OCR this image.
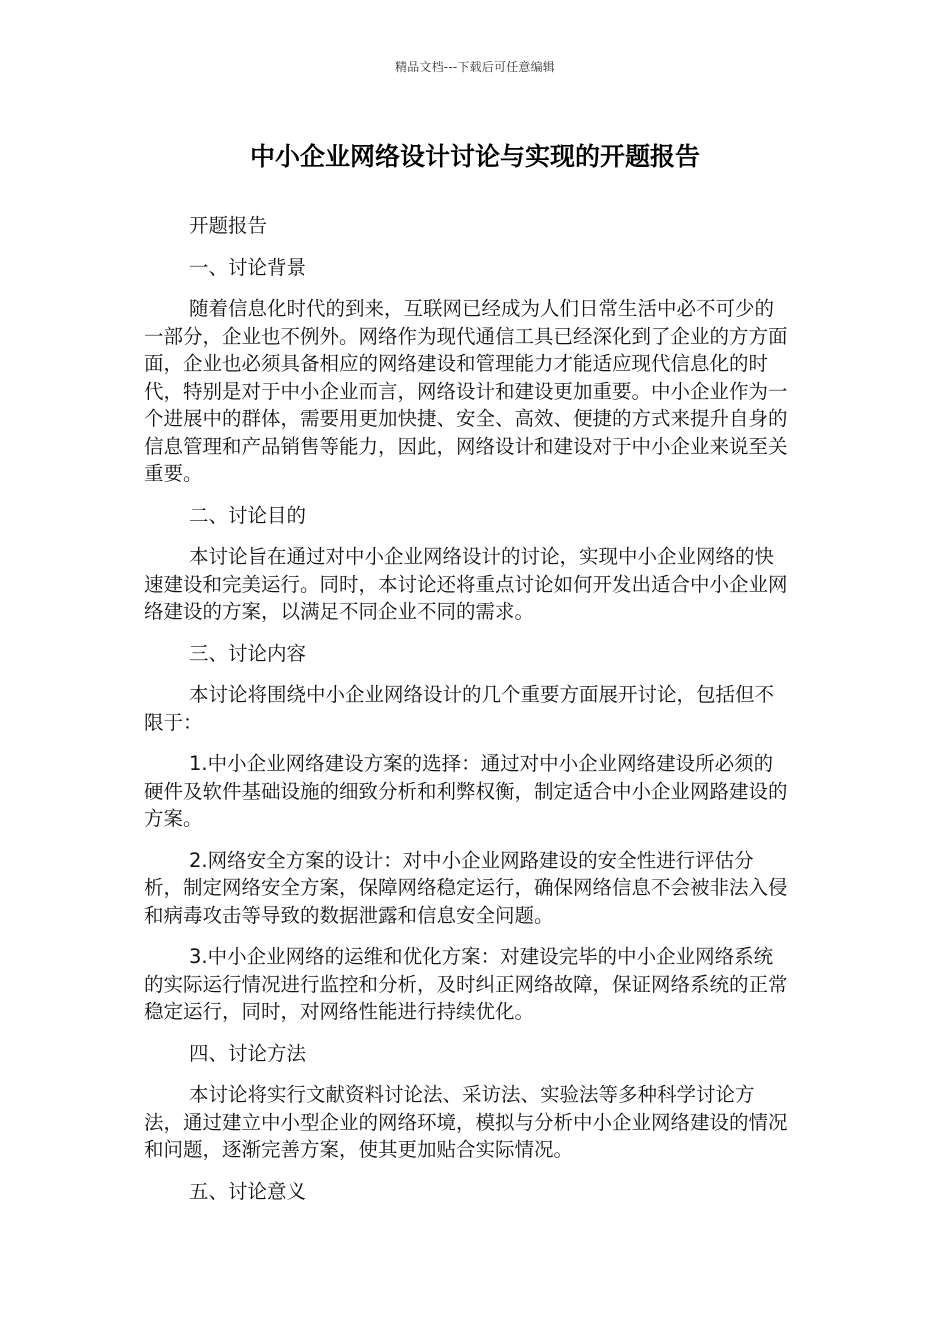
精品文档---下载后可任意编辑
中小企业网络设计讨论与实现的开题报告

开题报告

一、讨论背景

随着信息化时代的到来，互联网已经成为人们日常生活中必不可少的一部分，企业也不例外。网络作为现代通信工具已经深化到了企业的方方面面，企业也必须具备相应的网络建设和管理能力才能适应现代信息化的时代，特别是对于中小企业而言，网络设计和建设更加重要。中小企业作为一个进展中的群体，需要用更加快捷、安全、高效、便捷的方式来提升自身的信息管理和产品销售等能力，因此，网络设计和建设对于中小企业来说至关重要。

二、讨论目的

本讨论旨在通过对中小企业网络设计的讨论，实现中小企业网络的快速建设和完美运行。同时，本讨论还将重点讨论如何开发出适合中小企业网络建设的方案，以满足不同企业不同的需求。

三、讨论内容

本讨论将围绕中小企业网络设计的几个重要方面展开讨论，包括但不限于：

1.中小企业网络建设方案的选择：通过对中小企业网络建设所必须的硬件及软件基础设施的细致分析和利弊权衡，制定适合中小企业网路建设的方案。

2.网络安全方案的设计：对中小企业网路建设的安全性进行评估分析，制定网络安全方案，保障网络稳定运行，确保网络信息不会被非法入侵和病毒攻击等导致的数据泄露和信息安全问题。

3.中小企业网络的运维和优化方案：对建设完毕的中小企业网络系统的实际运行情况进行监控和分析，及时纠正网络故障，保证网络系统的正常稳定运行，同时，对网络性能进行持续优化。

四、讨论方法

本讨论将实行文献资料讨论法、采访法、实验法等多种科学讨论方法，通过建立中小型企业的网络环境，模拟与分析中小企业网络建设的情况和问题，逐渐完善方案，使其更加贴合实际情况。

五、讨论意义
